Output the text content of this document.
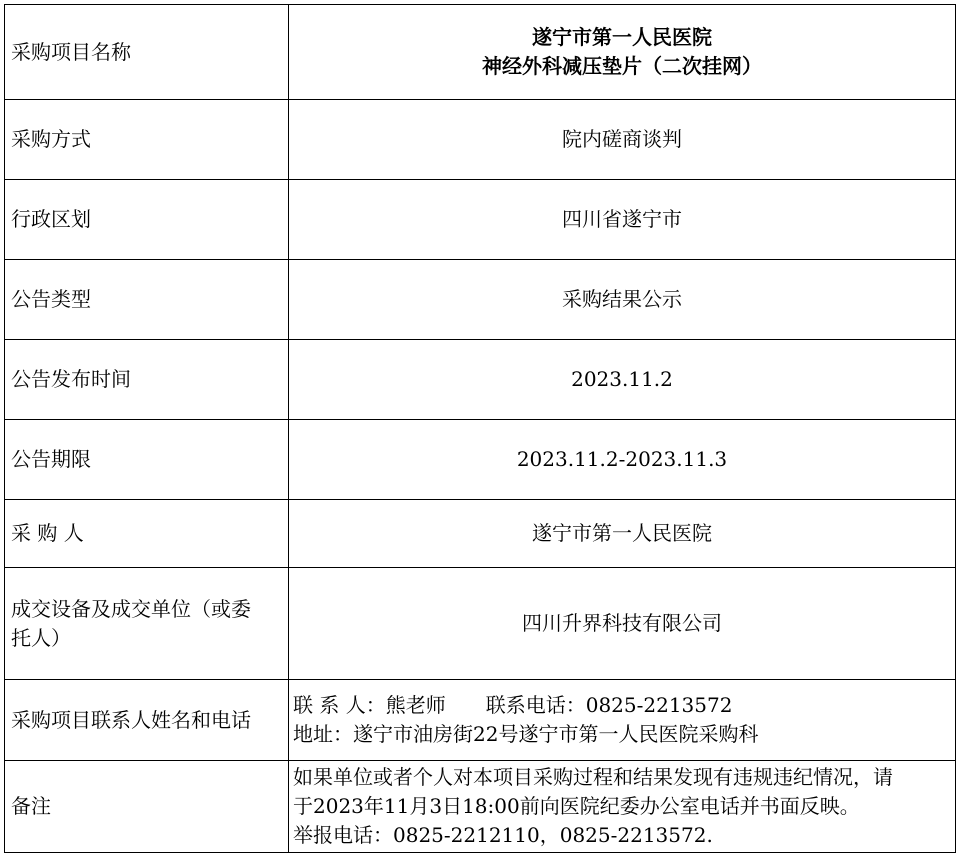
采购项目名称	遂宁市第一人民医院
神经外科减压垫片（二次挂网）

采购方式	院内磋商谈判
行政区划	四川省遂宁市
公告类型	采购结果公示
公告发布时间	2023.11.2
公告期限	2023.11.2-2023.11.3
采 购 人	遂宁市第一人民医院

成交设备及成交单位（或委
托人）	四川升界科技有限公司
采购项目联系人姓名和电话	联 系 人：熊老师 联系电话：0825-2213572
地址：遂宁市油房街22号遂宁市第一人民医院采购科

备注	如果单位或者个人对本项目采购过程和结果发现有违规违纪情况，请
于2023年11月3日18:00前向医院纪委办公室电话并书面反映。
举报电话：0825-2212110，0825-2213572.
